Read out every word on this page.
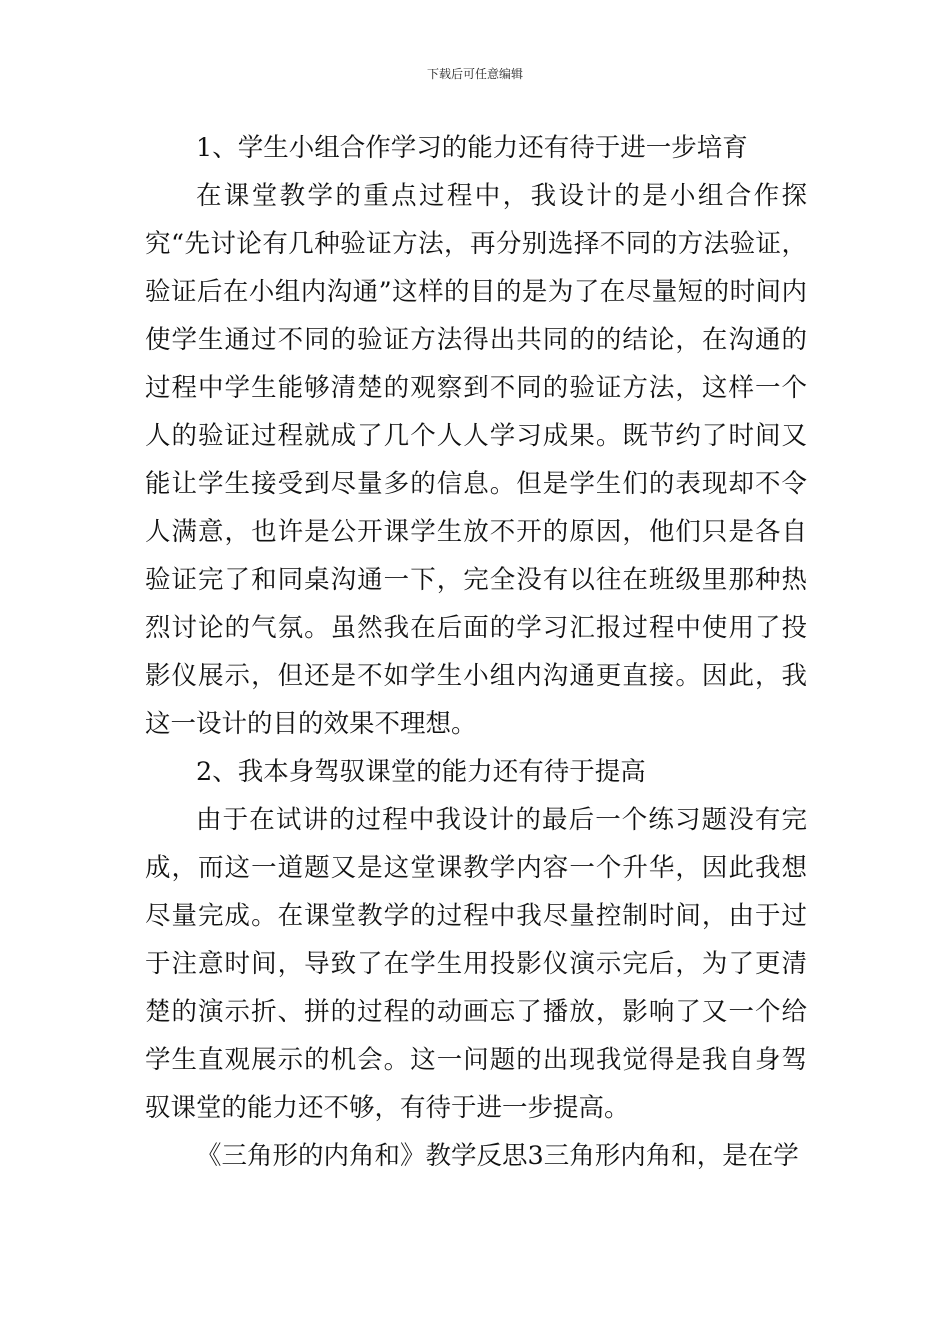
下载后可任意编辑

1、学生小组合作学习的能力还有待于进一步培育

在课堂教学的重点过程中，我设计的是小组合作探究“先讨论有几种验证方法，再分别选择不同的方法验证，验证后在小组内沟通”这样的目的是为了在尽量短的时间内使学生通过不同的验证方法得出共同的的结论，在沟通的过程中学生能够清楚的观察到不同的验证方法，这样一个人的验证过程就成了几个人人学习成果。既节约了时间又能让学生接受到尽量多的信息。但是学生们的表现却不令人满意，也许是公开课学生放不开的原因，他们只是各自验证完了和同桌沟通一下，完全没有以往在班级里那种热烈讨论的气氛。虽然我在后面的学习汇报过程中使用了投影仪展示，但还是不如学生小组内沟通更直接。因此，我这一设计的目的效果不理想。

2、我本身驾驭课堂的能力还有待于提高

由于在试讲的过程中我设计的最后一个练习题没有完成，而这一道题又是这堂课教学内容一个升华，因此我想尽量完成。在课堂教学的过程中我尽量控制时间，由于过于注意时间，导致了在学生用投影仪演示完后，为了更清楚的演示折、拼的过程的动画忘了播放，影响了又一个给学生直观展示的机会。这一问题的出现我觉得是我自身驾驭课堂的能力还不够，有待于进一步提高。

《三角形的内角和》教学反思3三角形内角和，是在学
